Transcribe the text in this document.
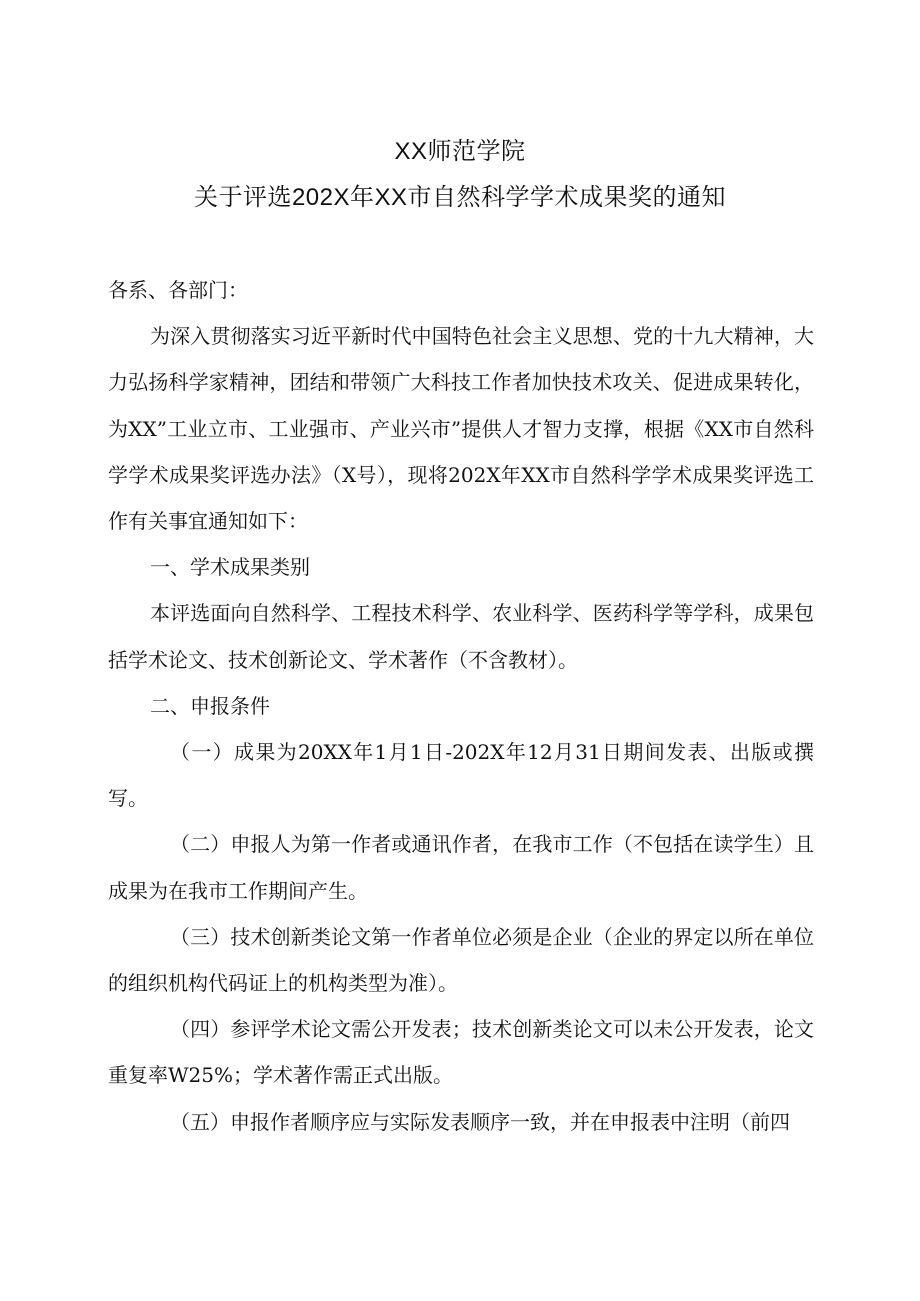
XX师范学院
关于评选202X年XX市自然科学学术成果奖的通知

各系、各部门：

为深入贯彻落实习近平新时代中国特色社会主义思想、党的十九大精神，大力弘扬科学家精神，团结和带领广大科技工作者加快技术攻关、促进成果转化，为XX”工业立市、工业强市、产业兴市”提供人才智力支撑，根据《XX市自然科学学术成果奖评选办法》（X号），现将202X年XX市自然科学学术成果奖评选工作有关事宜通知如下：

一、学术成果类别

本评选面向自然科学、工程技术科学、农业科学、医药科学等学科，成果包括学术论文、技术创新论文、学术著作（不含教材）。

二、申报条件

（一）成果为20XX年1月1日-202X年12月31日期间发表、出版或撰写。

（二）申报人为第一作者或通讯作者，在我市工作（不包括在读学生）且成果为在我市工作期间产生。

（三）技术创新类论文第一作者单位必须是企业（企业的界定以所在单位的组织机构代码证上的机构类型为准）。

（四）参评学术论文需公开发表；技术创新类论文可以未公开发表，论文重复率W25%；学术著作需正式出版。

（五）申报作者顺序应与实际发表顺序一致，并在申报表中注明（前四
